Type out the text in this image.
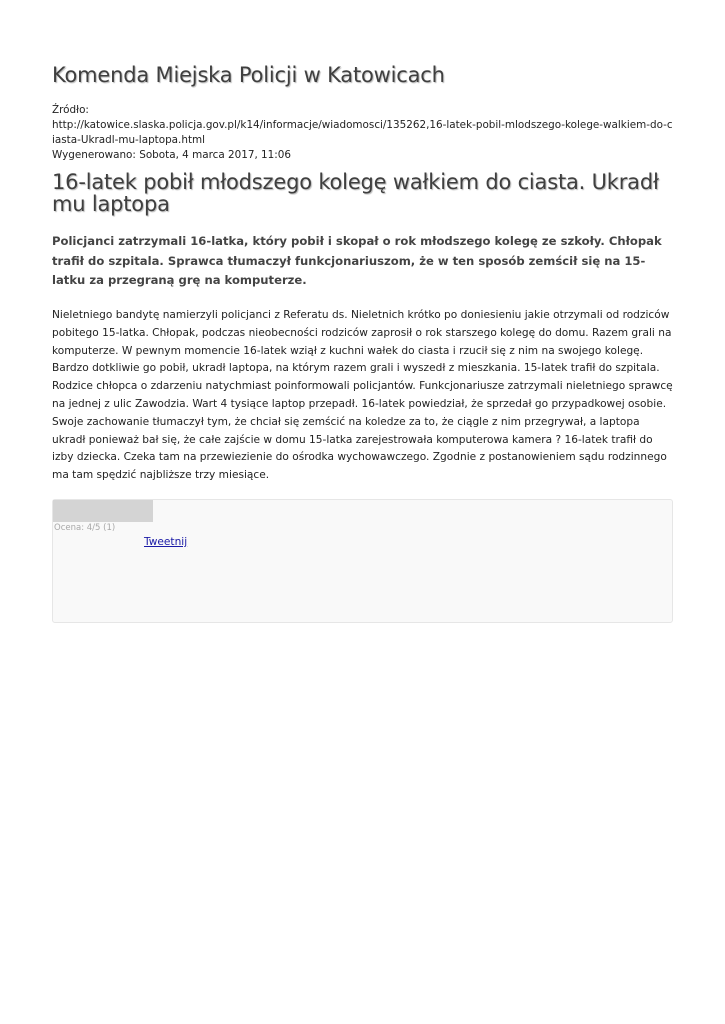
Komenda Miejska Policji w Katowicach
Źródło:
http://katowice.slaska.policja.gov.pl/k14/informacje/wiadomosci/135262,16-latek-pobil-mlodszego-kolege-walkiem-do-ciasta-Ukradl-mu-laptopa.html
Wygenerowano: Sobota, 4 marca 2017, 11:06
16-latek pobił młodszego kolegę wałkiem do ciasta. Ukradł mu laptopa

Policjanci zatrzymali 16-latka, który pobił i skopał o rok młodszego kolegę ze szkoły. Chłopak trafił do szpitala. Sprawca tłumaczył funkcjonariuszom, że w ten sposób zemścił się na 15-latku za przegraną grę na komputerze.

Nieletniego bandytę namierzyli policjanci z Referatu ds. Nieletnich krótko po doniesieniu jakie otrzymali od rodziców pobitego 15-latka. Chłopak, podczas nieobecności rodziców zaprosił o rok starszego kolegę do domu. Razem grali na komputerze. W pewnym momencie 16-latek wziął z kuchni wałek do ciasta i rzucił się z nim na swojego kolegę. Bardzo dotkliwie go pobił, ukradł laptopa, na którym razem grali i wyszedł z mieszkania. 15-latek trafił do szpitala. Rodzice chłopca o zdarzeniu natychmiast poinformowali policjantów. Funkcjonariusze zatrzymali nieletniego sprawcę na jednej z ulic Zawodzia. Wart 4 tysiące laptop przepadł. 16-latek powiedział, że sprzedał go przypadkowej osobie. Swoje zachowanie tłumaczył tym, że chciał się zemścić na koledze za to, że ciągle z nim przegrywał, a laptopa ukradł ponieważ bał się, że całe zajście w domu 15-latka zarejestrowała komputerowa kamera ? 16-latek trafił do izby dziecka. Czeka tam na przewiezienie do ośrodka wychowawczego. Zgodnie z postanowieniem sądu rodzinnego ma tam spędzić najbliższe trzy miesiące.

Ocena: 4/5 (1)
Tweetnij
